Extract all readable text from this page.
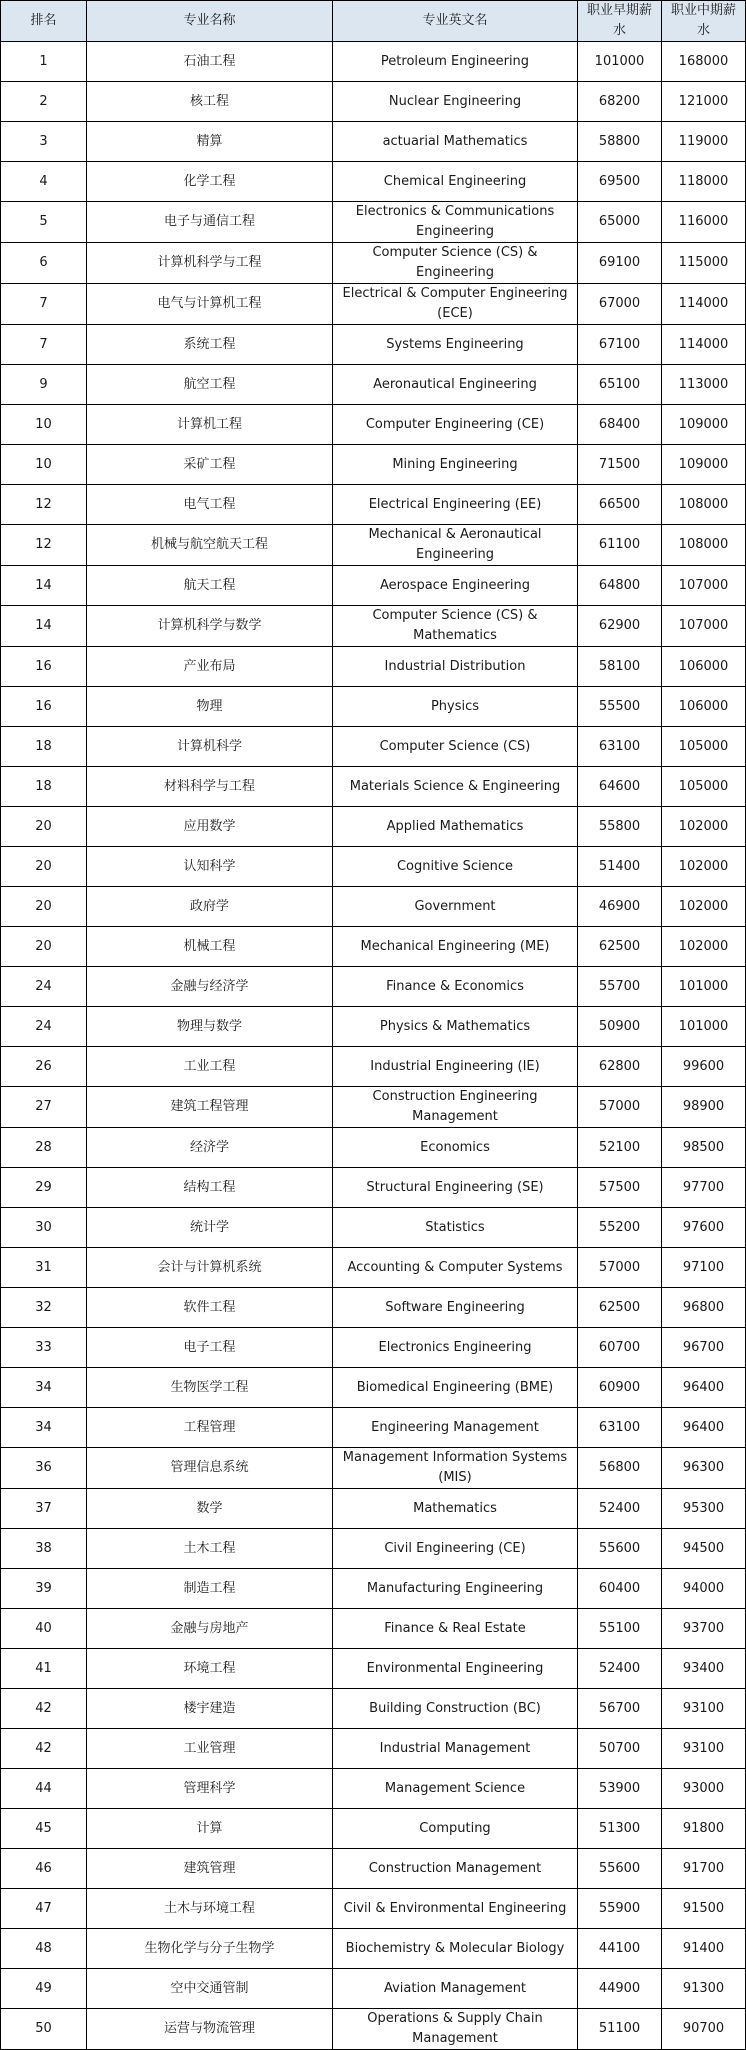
排名	专业名称	专业英文名	职业早期薪水	职业中期薪水
1	石油工程	Petroleum Engineering	101000	168000
2	核工程	Nuclear Engineering	68200	121000
3	精算	actuarial Mathematics	58800	119000
4	化学工程	Chemical Engineering	69500	118000
5	电子与通信工程	Electronics & Communications Engineering	65000	116000
6	计算机科学与工程	Computer Science (CS) & Engineering	69100	115000
7	电气与计算机工程	Electrical & Computer Engineering (ECE)	67000	114000
7	系统工程	Systems Engineering	67100	114000
9	航空工程	Aeronautical Engineering	65100	113000
10	计算机工程	Computer Engineering (CE)	68400	109000
10	采矿工程	Mining Engineering	71500	109000
12	电气工程	Electrical Engineering (EE)	66500	108000
12	机械与航空航天工程	Mechanical & Aeronautical Engineering	61100	108000
14	航天工程	Aerospace Engineering	64800	107000
14	计算机科学与数学	Computer Science (CS) & Mathematics	62900	107000
16	产业布局	Industrial Distribution	58100	106000
16	物理	Physics	55500	106000
18	计算机科学	Computer Science (CS)	63100	105000
18	材料科学与工程	Materials Science & Engineering	64600	105000
20	应用数学	Applied Mathematics	55800	102000
20	认知科学	Cognitive Science	51400	102000
20	政府学	Government	46900	102000
20	机械工程	Mechanical Engineering (ME)	62500	102000
24	金融与经济学	Finance & Economics	55700	101000
24	物理与数学	Physics & Mathematics	50900	101000
26	工业工程	Industrial Engineering (IE)	62800	99600
27	建筑工程管理	Construction Engineering Management	57000	98900
28	经济学	Economics	52100	98500
29	结构工程	Structural Engineering (SE)	57500	97700
30	统计学	Statistics	55200	97600
31	会计与计算机系统	Accounting & Computer Systems	57000	97100
32	软件工程	Software Engineering	62500	96800
33	电子工程	Electronics Engineering	60700	96700
34	生物医学工程	Biomedical Engineering (BME)	60900	96400
34	工程管理	Engineering Management	63100	96400
36	管理信息系统	Management Information Systems (MIS)	56800	96300
37	数学	Mathematics	52400	95300
38	土木工程	Civil Engineering (CE)	55600	94500
39	制造工程	Manufacturing Engineering	60400	94000
40	金融与房地产	Finance & Real Estate	55100	93700
41	环境工程	Environmental Engineering	52400	93400
42	楼宇建造	Building Construction (BC)	56700	93100
42	工业管理	Industrial Management	50700	93100
44	管理科学	Management Science	53900	93000
45	计算	Computing	51300	91800
46	建筑管理	Construction Management	55600	91700
47	土木与环境工程	Civil & Environmental Engineering	55900	91500
48	生物化学与分子生物学	Biochemistry & Molecular Biology	44100	91400
49	空中交通管制	Aviation Management	44900	91300
50	运营与物流管理	Operations & Supply Chain Management	51100	90700
